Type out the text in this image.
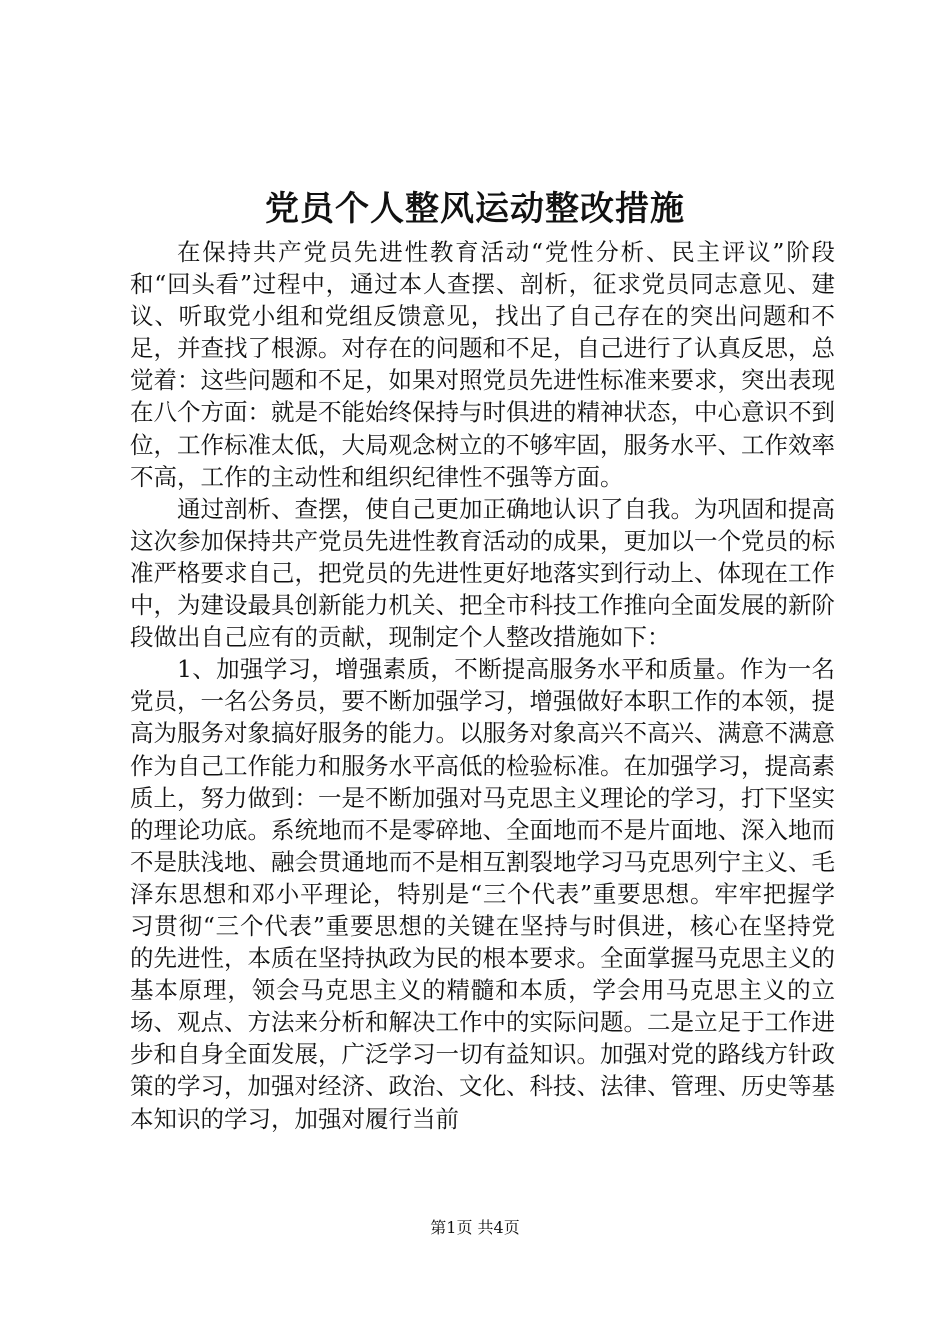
党员个人整风运动整改措施

在保持共产党员先进性教育活动“党性分析、民主评议”阶段和“回头看”过程中，通过本人查摆、剖析，征求党员同志意见、建议、听取党小组和党组反馈意见，找出了自己存在的突出问题和不足，并查找了根源。对存在的问题和不足，自己进行了认真反思，总觉着：这些问题和不足，如果对照党员先进性标准来要求，突出表现在八个方面：就是不能始终保持与时俱进的精神状态，中心意识不到位，工作标准太低，大局观念树立的不够牢固，服务水平、工作效率不高，工作的主动性和组织纪律性不强等方面。

通过剖析、查摆，使自己更加正确地认识了自我。为巩固和提高这次参加保持共产党员先进性教育活动的成果，更加以一个党员的标准严格要求自己，把党员的先进性更好地落实到行动上、体现在工作中，为建设最具创新能力机关、把全市科技工作推向全面发展的新阶段做出自己应有的贡献，现制定个人整改措施如下：

1、加强学习，增强素质，不断提高服务水平和质量。作为一名党员，一名公务员，要不断加强学习，增强做好本职工作的本领，提高为服务对象搞好服务的能力。以服务对象高兴不高兴、满意不满意作为自己工作能力和服务水平高低的检验标准。在加强学习，提高素质上，努力做到：一是不断加强对马克思主义理论的学习，打下坚实的理论功底。系统地而不是零碎地、全面地而不是片面地、深入地而不是肤浅地、融会贯通地而不是相互割裂地学习马克思列宁主义、毛泽东思想和邓小平理论，特别是“三个代表”重要思想。牢牢把握学习贯彻“三个代表”重要思想的关键在坚持与时俱进，核心在坚持党的先进性，本质在坚持执政为民的根本要求。全面掌握马克思主义的基本原理，领会马克思主义的精髓和本质，学会用马克思主义的立场、观点、方法来分析和解决工作中的实际问题。二是立足于工作进步和自身全面发展，广泛学习一切有益知识。加强对党的路线方针政策的学习，加强对经济、政治、文化、科技、法律、管理、历史等基本知识的学习，加强对履行当前

第1页 共4页
